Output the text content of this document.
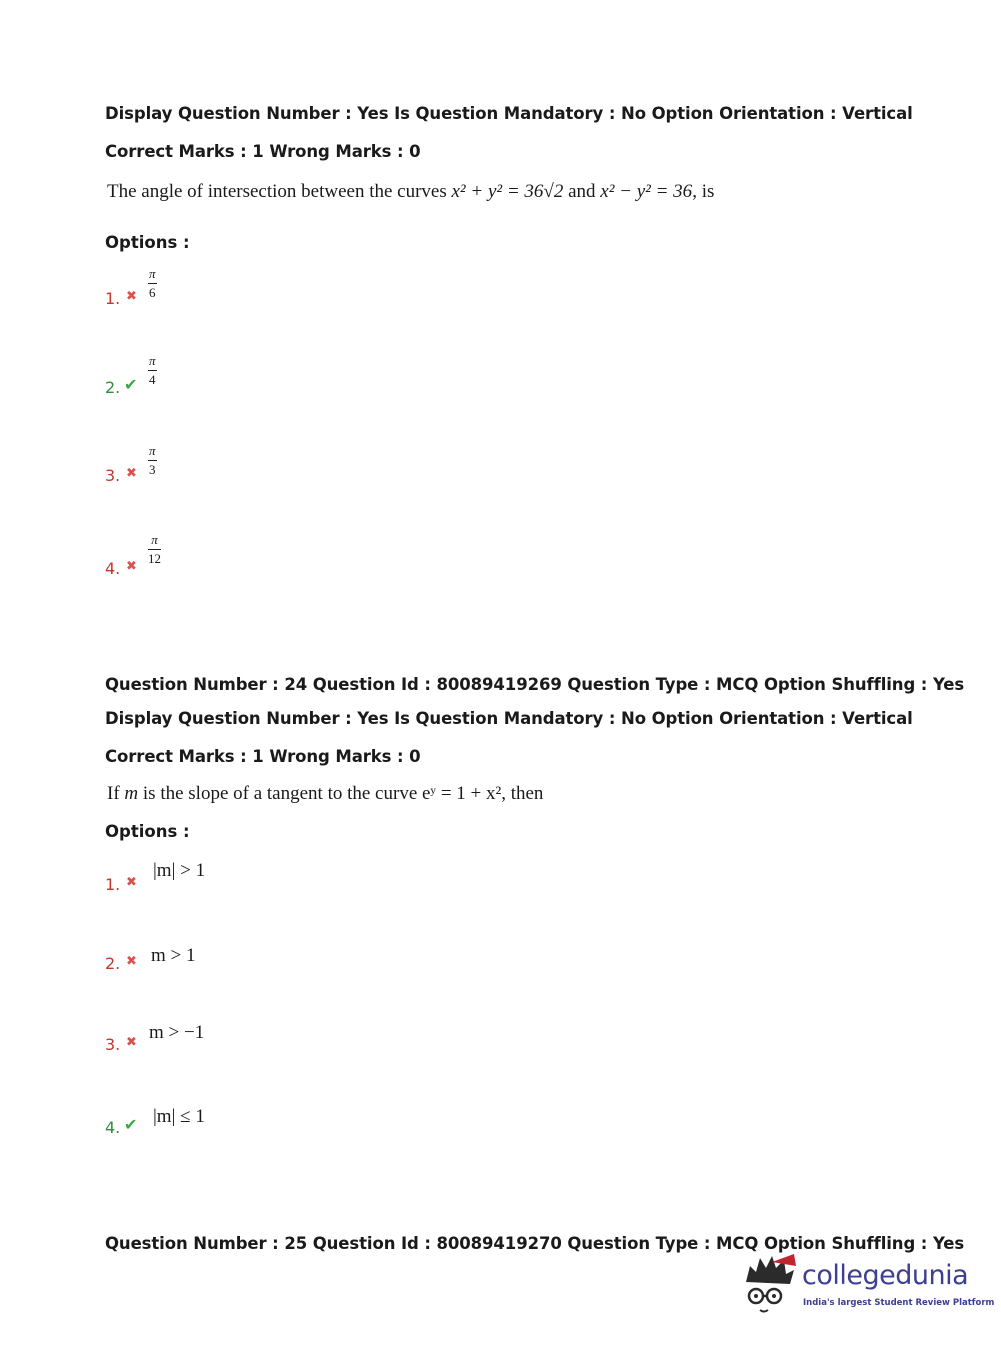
Display Question Number : Yes Is Question Mandatory : No Option Orientation : Vertical
Correct Marks : 1 Wrong Marks : 0
The angle of intersection between the curves x² + y² = 36√2 and x² − y² = 36, is
Options :
1. ✖
π
6
2. ✔
π
4
3. ✖
π
3
4. ✖
π
12
Question Number : 24 Question Id : 80089419269 Question Type : MCQ Option Shuffling : Yes
Display Question Number : Yes Is Question Mandatory : No Option Orientation : Vertical
Correct Marks : 1 Wrong Marks : 0
If m is the slope of a tangent to the curve eʸ = 1 + x², then
Options :
1. ✖
|m| > 1
2. ✖ m > 1
3. ✖ m > −1
4. ✔ |m| ≤ 1
Question Number : 25 Question Id : 80089419270 Question Type : MCQ Option Shuffling : Yes
collegedunia
India's largest Student Review Platform
